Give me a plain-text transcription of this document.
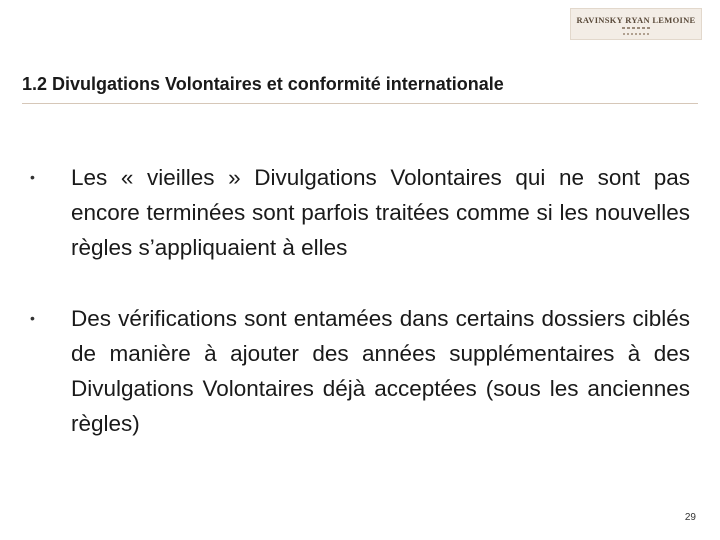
RAVINSKY RYAN LEMOINE
1.2 Divulgations Volontaires et conformité internationale
• Les « vieilles » Divulgations Volontaires qui ne sont pas encore terminées sont parfois traitées comme si les nouvelles règles s’appliquaient à elles
• Des vérifications sont entamées dans certains dossiers ciblés de manière à ajouter des années supplémentaires à des Divulgations Volontaires déjà acceptées (sous les anciennes règles)
29
